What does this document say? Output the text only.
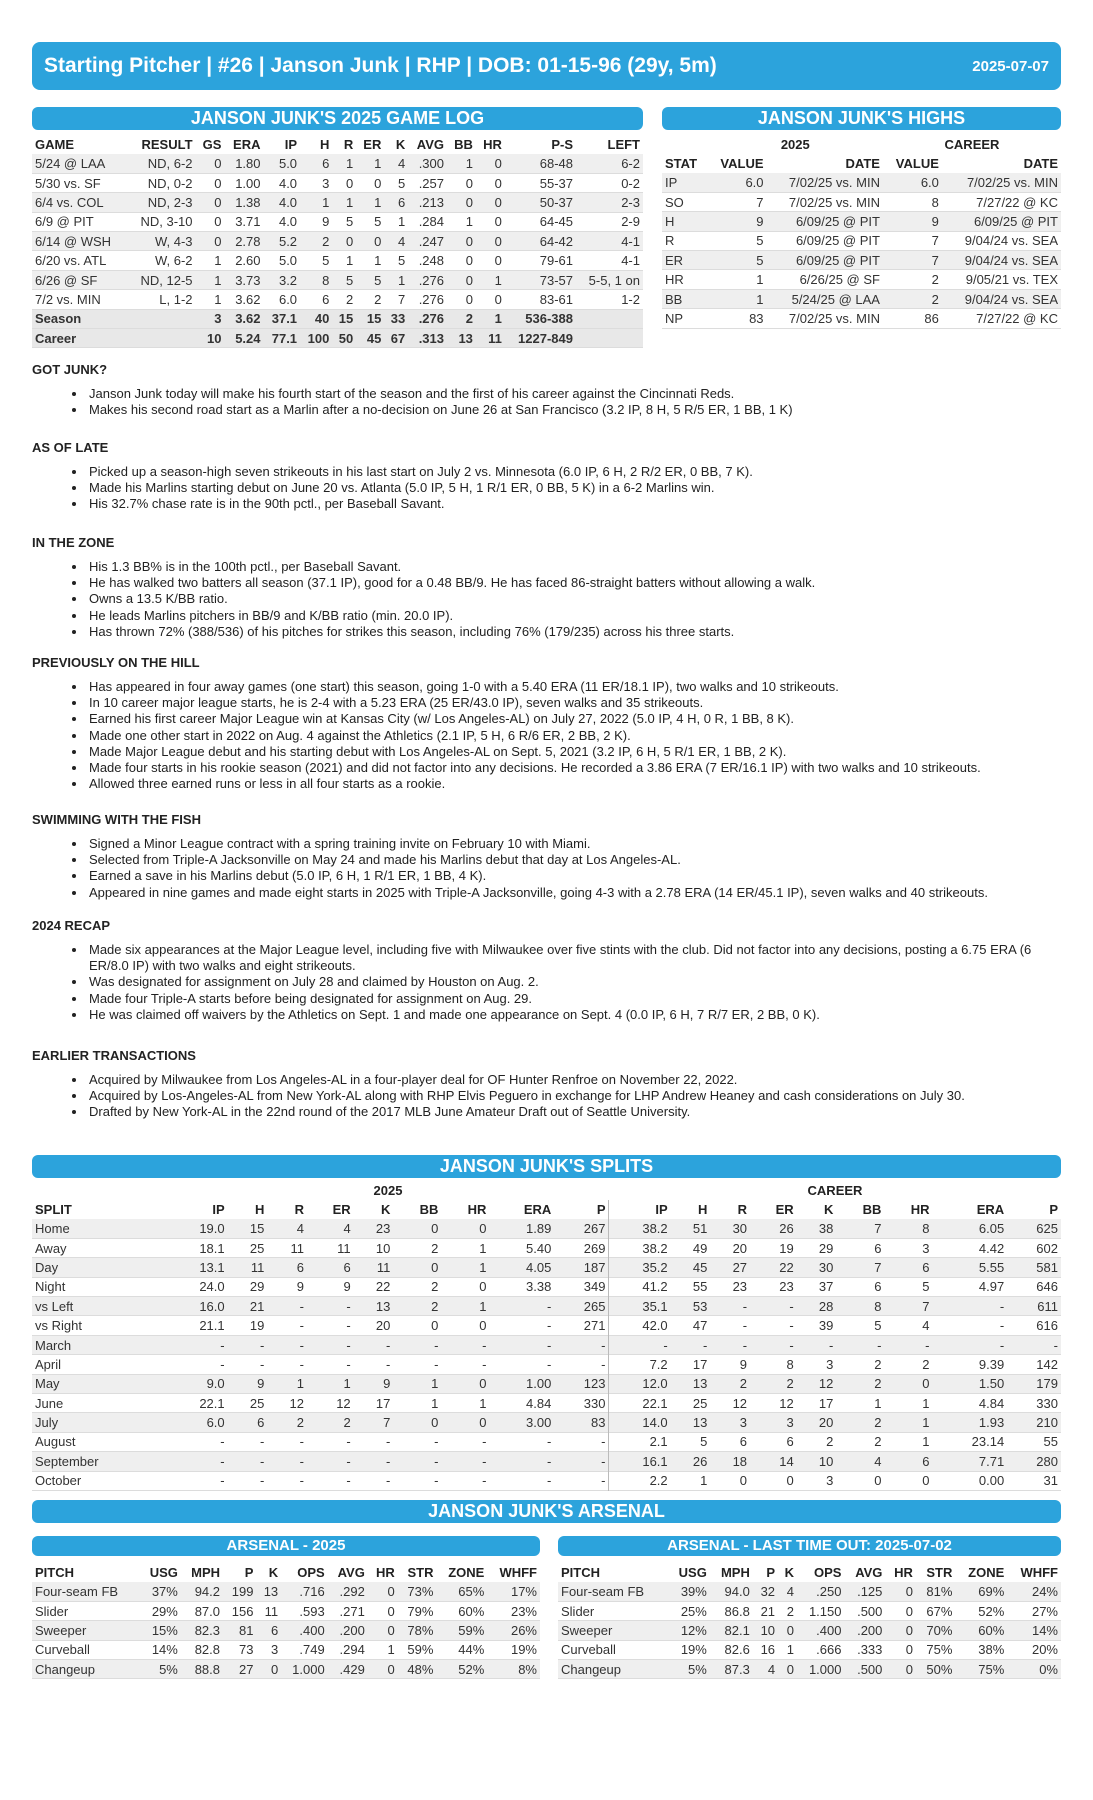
Starting Pitcher | #26 | Janson Junk | RHP | DOB: 01-15-96 (29y, 5m)	2025-07-07
JANSON JUNK'S 2025 GAME LOG
GAME	RESULT	GS	ERA	IP	H	R	ER	K	AVG	BB	HR	P-S	LEFT
5/24 @ LAA	ND, 6-2	0	1.80	5.0	6	1	1	4	.300	1	0	68-48	6-2
5/30 vs. SF	ND, 0-2	0	1.00	4.0	3	0	0	5	.257	0	0	55-37	0-2
6/4 vs. COL	ND, 2-3	0	1.38	4.0	1	1	1	6	.213	0	0	50-37	2-3
6/9 @ PIT	ND, 3-10	0	3.71	4.0	9	5	5	1	.284	1	0	64-45	2-9
6/14 @ WSH	W, 4-3	0	2.78	5.2	2	0	0	4	.247	0	0	64-42	4-1
6/20 vs. ATL	W, 6-2	1	2.60	5.0	5	1	1	5	.248	0	0	79-61	4-1
6/26 @ SF	ND, 12-5	1	3.73	3.2	8	5	5	1	.276	0	1	73-57	5-5, 1 on
7/2 vs. MIN	L, 1-2	1	3.62	6.0	6	2	2	7	.276	0	0	83-61	1-2
Season		3	3.62	37.1	40	15	15	33	.276	2	1	536-388	
Career		10	5.24	77.1	100	50	45	67	.313	13	11	1227-849	
JANSON JUNK'S HIGHS
	2025		CAREER	
STAT	VALUE	DATE	VALUE	DATE
IP	6.0	7/02/25 vs. MIN	6.0	7/02/25 vs. MIN
SO	7	7/02/25 vs. MIN	8	7/27/22 @ KC
H	9	6/09/25 @ PIT	9	6/09/25 @ PIT
R	5	6/09/25 @ PIT	7	9/04/24 vs. SEA
ER	5	6/09/25 @ PIT	7	9/04/24 vs. SEA
HR	1	6/26/25 @ SF	2	9/05/21 vs. TEX
BB	1	5/24/25 @ LAA	2	9/04/24 vs. SEA
NP	83	7/02/25 vs. MIN	86	7/27/22 @ KC
GOT JUNK?
• Janson Junk today will make his fourth start of the season and the first of his career against the Cincinnati Reds.
• Makes his second road start as a Marlin after a no-decision on June 26 at San Francisco (3.2 IP, 8 H, 5 R/5 ER, 1 BB, 1 K)
AS OF LATE
• Picked up a season-high seven strikeouts in his last start on July 2 vs. Minnesota (6.0 IP, 6 H, 2 R/2 ER, 0 BB, 7 K).
• Made his Marlins starting debut on June 20 vs. Atlanta (5.0 IP, 5 H, 1 R/1 ER, 0 BB, 5 K) in a 6-2 Marlins win.
• His 32.7% chase rate is in the 90th pctl., per Baseball Savant.
IN THE ZONE
• His 1.3 BB% is in the 100th pctl., per Baseball Savant.
• He has walked two batters all season (37.1 IP), good for a 0.48 BB/9. He has faced 86-straight batters without allowing a walk.
• Owns a 13.5 K/BB ratio.
• He leads Marlins pitchers in BB/9 and K/BB ratio (min. 20.0 IP).
• Has thrown 72% (388/536) of his pitches for strikes this season, including 76% (179/235) across his three starts.
PREVIOUSLY ON THE HILL
• Has appeared in four away games (one start) this season, going 1-0 with a 5.40 ERA (11 ER/18.1 IP), two walks and 10 strikeouts.
• In 10 career major league starts, he is 2-4 with a 5.23 ERA (25 ER/43.0 IP), seven walks and 35 strikeouts.
• Earned his first career Major League win at Kansas City (w/ Los Angeles-AL) on July 27, 2022 (5.0 IP, 4 H, 0 R, 1 BB, 8 K).
• Made one other start in 2022 on Aug. 4 against the Athletics (2.1 IP, 5 H, 6 R/6 ER, 2 BB, 2 K).
• Made Major League debut and his starting debut with Los Angeles-AL on Sept. 5, 2021 (3.2 IP, 6 H, 5 R/1 ER, 1 BB, 2 K).
• Made four starts in his rookie season (2021) and did not factor into any decisions. He recorded a 3.86 ERA (7 ER/16.1 IP) with two walks and 10 strikeouts.
• Allowed three earned runs or less in all four starts as a rookie.
SWIMMING WITH THE FISH
• Signed a Minor League contract with a spring training invite on February 10 with Miami.
• Selected from Triple-A Jacksonville on May 24 and made his Marlins debut that day at Los Angeles-AL.
• Earned a save in his Marlins debut (5.0 IP, 6 H, 1 R/1 ER, 1 BB, 4 K).
• Appeared in nine games and made eight starts in 2025 with Triple-A Jacksonville, going 4-3 with a 2.78 ERA (14 ER/45.1 IP), seven walks and 40 strikeouts.
2024 RECAP
• Made six appearances at the Major League level, including five with Milwaukee over five stints with the club. Did not factor into any decisions, posting a 6.75 ERA (6 ER/8.0 IP) with two walks and eight strikeouts.
• Was designated for assignment on July 28 and claimed by Houston on Aug. 2.
• Made four Triple-A starts before being designated for assignment on Aug. 29.
• He was claimed off waivers by the Athletics on Sept. 1 and made one appearance on Sept. 4 (0.0 IP, 6 H, 7 R/7 ER, 2 BB, 0 K).
EARLIER TRANSACTIONS
• Acquired by Milwaukee from Los Angeles-AL in a four-player deal for OF Hunter Renfroe on November 22, 2022.
• Acquired by Los-Angeles-AL from New York-AL along with RHP Elvis Peguero in exchange for LHP Andrew Heaney and cash considerations on July 30.
• Drafted by New York-AL in the 22nd round of the 2017 MLB June Amateur Draft out of Seattle University.
JANSON JUNK'S SPLITS
	2025									CAREER								
SPLIT	IP	H	R	ER	K	BB	HR	ERA	P	IP	H	R	ER	K	BB	HR	ERA	P
Home	19.0	15	4	4	23	0	0	1.89	267	38.2	51	30	26	38	7	8	6.05	625
Away	18.1	25	11	11	10	2	1	5.40	269	38.2	49	20	19	29	6	3	4.42	602
Day	13.1	11	6	6	11	0	1	4.05	187	35.2	45	27	22	30	7	6	5.55	581
Night	24.0	29	9	9	22	2	0	3.38	349	41.2	55	23	23	37	6	5	4.97	646
vs Left	16.0	21	-	-	13	2	1	-	265	35.1	53	-	-	28	8	7	-	611
vs Right	21.1	19	-	-	20	0	0	-	271	42.0	47	-	-	39	5	4	-	616
March	-	-	-	-	-	-	-	-	-	-	-	-	-	-	-	-	-	-
April	-	-	-	-	-	-	-	-	-	7.2	17	9	8	3	2	2	9.39	142
May	9.0	9	1	1	9	1	0	1.00	123	12.0	13	2	2	12	2	0	1.50	179
June	22.1	25	12	12	17	1	1	4.84	330	22.1	25	12	12	17	1	1	4.84	330
July	6.0	6	2	2	7	0	0	3.00	83	14.0	13	3	3	20	2	1	1.93	210
August	-	-	-	-	-	-	-	-	-	2.1	5	6	6	2	2	1	23.14	55
September	-	-	-	-	-	-	-	-	-	16.1	26	18	14	10	4	6	7.71	280
October	-	-	-	-	-	-	-	-	-	2.2	1	0	0	3	0	0	0.00	31
JANSON JUNK'S ARSENAL
ARSENAL - 2025
PITCH	USG	MPH	P	K	OPS	AVG	HR	STR	ZONE	WHFF
Four-seam FB	37%	94.2	199	13	.716	.292	0	73%	65%	17%
Slider	29%	87.0	156	11	.593	.271	0	79%	60%	23%
Sweeper	15%	82.3	81	6	.400	.200	0	78%	59%	26%
Curveball	14%	82.8	73	3	.749	.294	1	59%	44%	19%
Changeup	5%	88.8	27	0	1.000	.429	0	48%	52%	8%
ARSENAL - LAST TIME OUT: 2025-07-02
PITCH	USG	MPH	P	K	OPS	AVG	HR	STR	ZONE	WHFF
Four-seam FB	39%	94.0	32	4	.250	.125	0	81%	69%	24%
Slider	25%	86.8	21	2	1.150	.500	0	67%	52%	27%
Sweeper	12%	82.1	10	0	.400	.200	0	70%	60%	14%
Curveball	19%	82.6	16	1	.666	.333	0	75%	38%	20%
Changeup	5%	87.3	4	0	1.000	.500	0	50%	75%	0%
